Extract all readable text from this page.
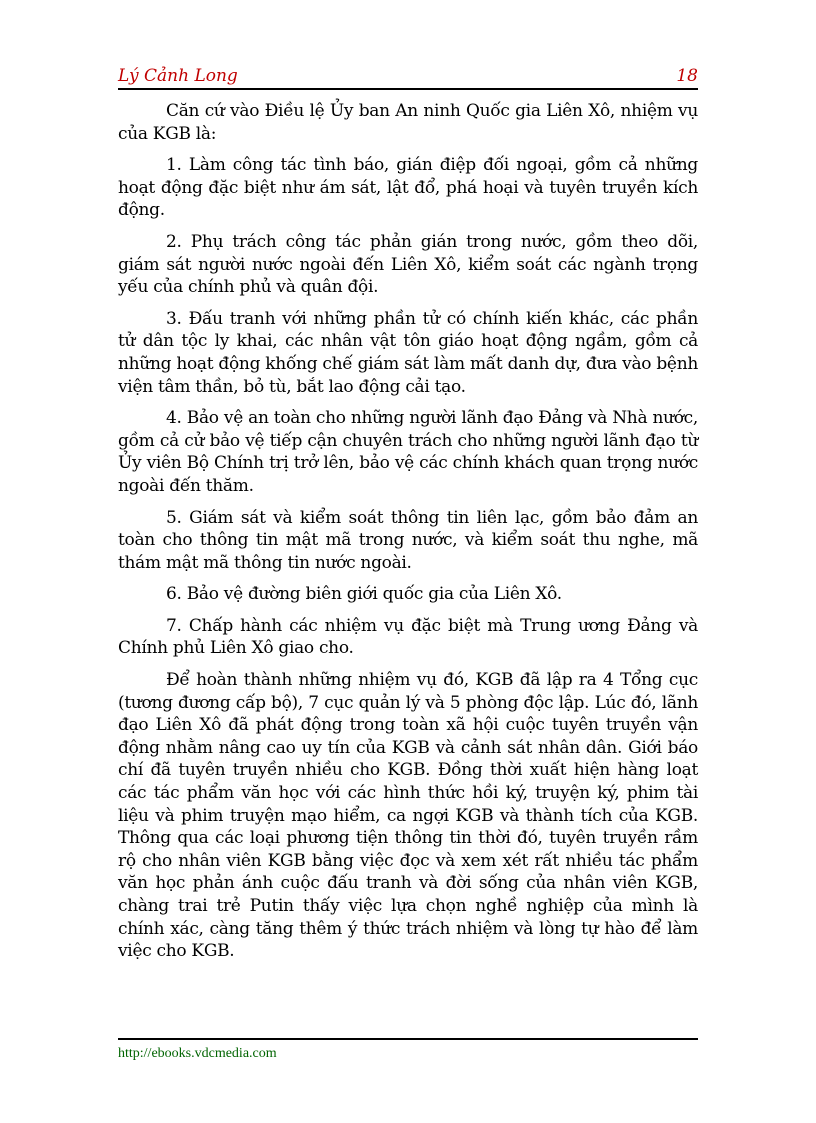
Lý Cảnh Long	18

Căn cứ vào Điều lệ Ủy ban An ninh Quốc gia Liên Xô, nhiệm vụ của KGB là:

1. Làm công tác tình báo, gián điệp đối ngoại, gồm cả những hoạt động đặc biệt như ám sát, lật đổ, phá hoại và tuyên truyền kích động.

2. Phụ trách công tác phản gián trong nước, gồm theo dõi, giám sát người nước ngoài đến Liên Xô, kiểm soát các ngành trọng yếu của chính phủ và quân đội.

3. Đấu tranh với những phần tử có chính kiến khác, các phần tử dân tộc ly khai, các nhân vật tôn giáo hoạt động ngầm, gồm cả những hoạt động khống chế giám sát làm mất danh dự, đưa vào bệnh viện tâm thần, bỏ tù, bắt lao động cải tạo.

4. Bảo vệ an toàn cho những người lãnh đạo Đảng và Nhà nước, gồm cả cử bảo vệ tiếp cận chuyên trách cho những người lãnh đạo từ Ủy viên Bộ Chính trị trở lên, bảo vệ các chính khách quan trọng nước ngoài đến thăm.

5. Giám sát và kiểm soát thông tin liên lạc, gồm bảo đảm an toàn cho thông tin mật mã trong nước, và kiểm soát thu nghe, mã thám mật mã thông tin nước ngoài.

6. Bảo vệ đường biên giới quốc gia của Liên Xô.

7. Chấp hành các nhiệm vụ đặc biệt mà Trung ương Đảng và Chính phủ Liên Xô giao cho.

Để hoàn thành những nhiệm vụ đó, KGB đã lập ra 4 Tổng cục (tương đương cấp bộ), 7 cục quản lý và 5 phòng độc lập. Lúc đó, lãnh đạo Liên Xô đã phát động trong toàn xã hội cuộc tuyên truyền vận động nhằm nâng cao uy tín của KGB và cảnh sát nhân dân. Giới báo chí đã tuyên truyền nhiều cho KGB. Đồng thời xuất hiện hàng loạt các tác phẩm văn học với các hình thức hồi ký, truyện ký, phim tài liệu và phim truyện mạo hiểm, ca ngợi KGB và thành tích của KGB. Thông qua các loại phương tiện thông tin thời đó, tuyên truyền rầm rộ cho nhân viên KGB bằng việc đọc và xem xét rất nhiều tác phẩm văn học phản ánh cuộc đấu tranh và đời sống của nhân viên KGB, chàng trai trẻ Putin thấy việc lựa chọn nghề nghiệp của mình là chính xác, càng tăng thêm ý thức trách nhiệm và lòng tự hào để làm việc cho KGB.

http://ebooks.vdcmedia.com
